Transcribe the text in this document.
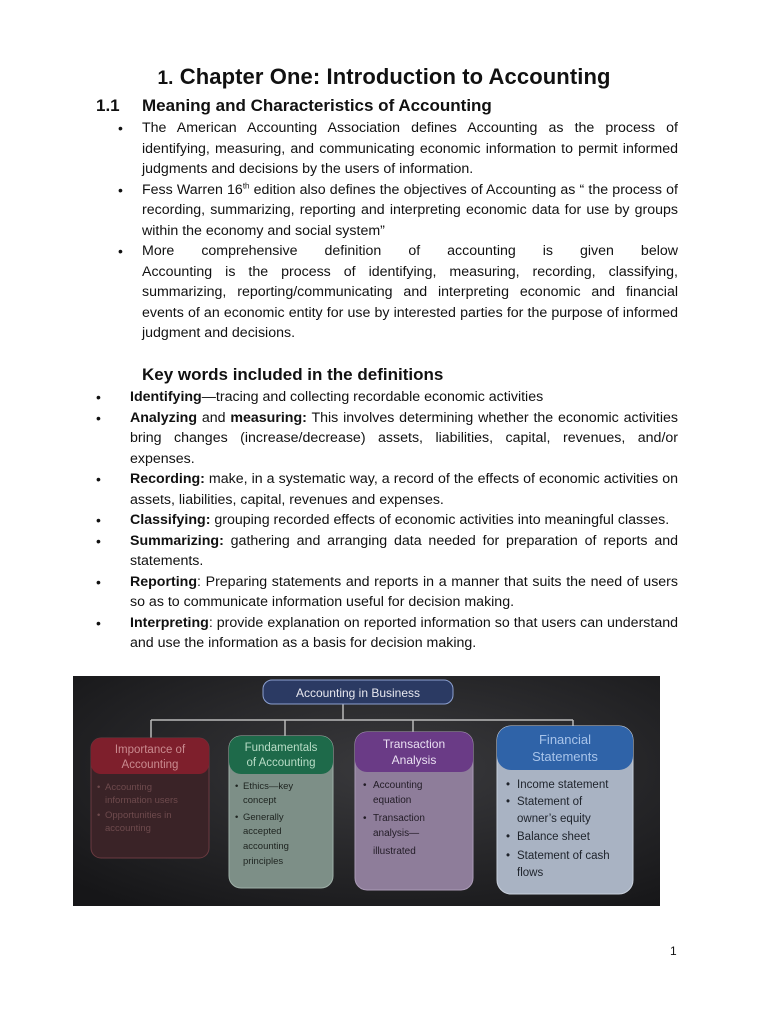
1. Chapter One: Introduction to Accounting
1.1 Meaning and Characteristics of Accounting
• The American Accounting Association defines Accounting as the process of identifying, measuring, and communicating economic information to permit informed judgments and decisions by the users of information.
• Fess Warren 16th edition also defines the objectives of Accounting as “ the process of recording, summarizing, reporting and interpreting economic data for use by groups within the economy and social system”
• More comprehensive definition of accounting is given below
Accounting is the process of identifying, measuring, recording, classifying, summarizing, reporting/communicating and interpreting economic and financial events of an economic entity for use by interested parties for the purpose of informed judgment and decisions.
Key words included in the definitions
• Identifying—tracing and collecting recordable economic activities
• Analyzing and measuring: This involves determining whether the economic activities bring changes (increase/decrease) assets, liabilities, capital, revenues, and/or expenses.
• Recording: make, in a systematic way, a record of the effects of economic activities on assets, liabilities, capital, revenues and expenses.
• Classifying: grouping recorded effects of economic activities into meaningful classes.
• Summarizing: gathering and arranging data needed for preparation of reports and statements.
• Reporting: Preparing statements and reports in a manner that suits the need of users so as to communicate information useful for decision making.
• Interpreting: provide explanation on reported information so that users can understand and use the information as a basis for decision making.
Accounting in Business
Importance of
Accounting
• Accounting
information users
• Opportunities in
accounting
Fundamentals
of Accounting
• Ethics—key
concept
• Generally
accepted
accounting
principles
Transaction
Analysis
• Accounting
equation
• Transaction
analysis—
illustrated
Financial
Statements
• Income statement
• Statement of
owner’s equity
• Balance sheet
• Statement of cash
flows
1
